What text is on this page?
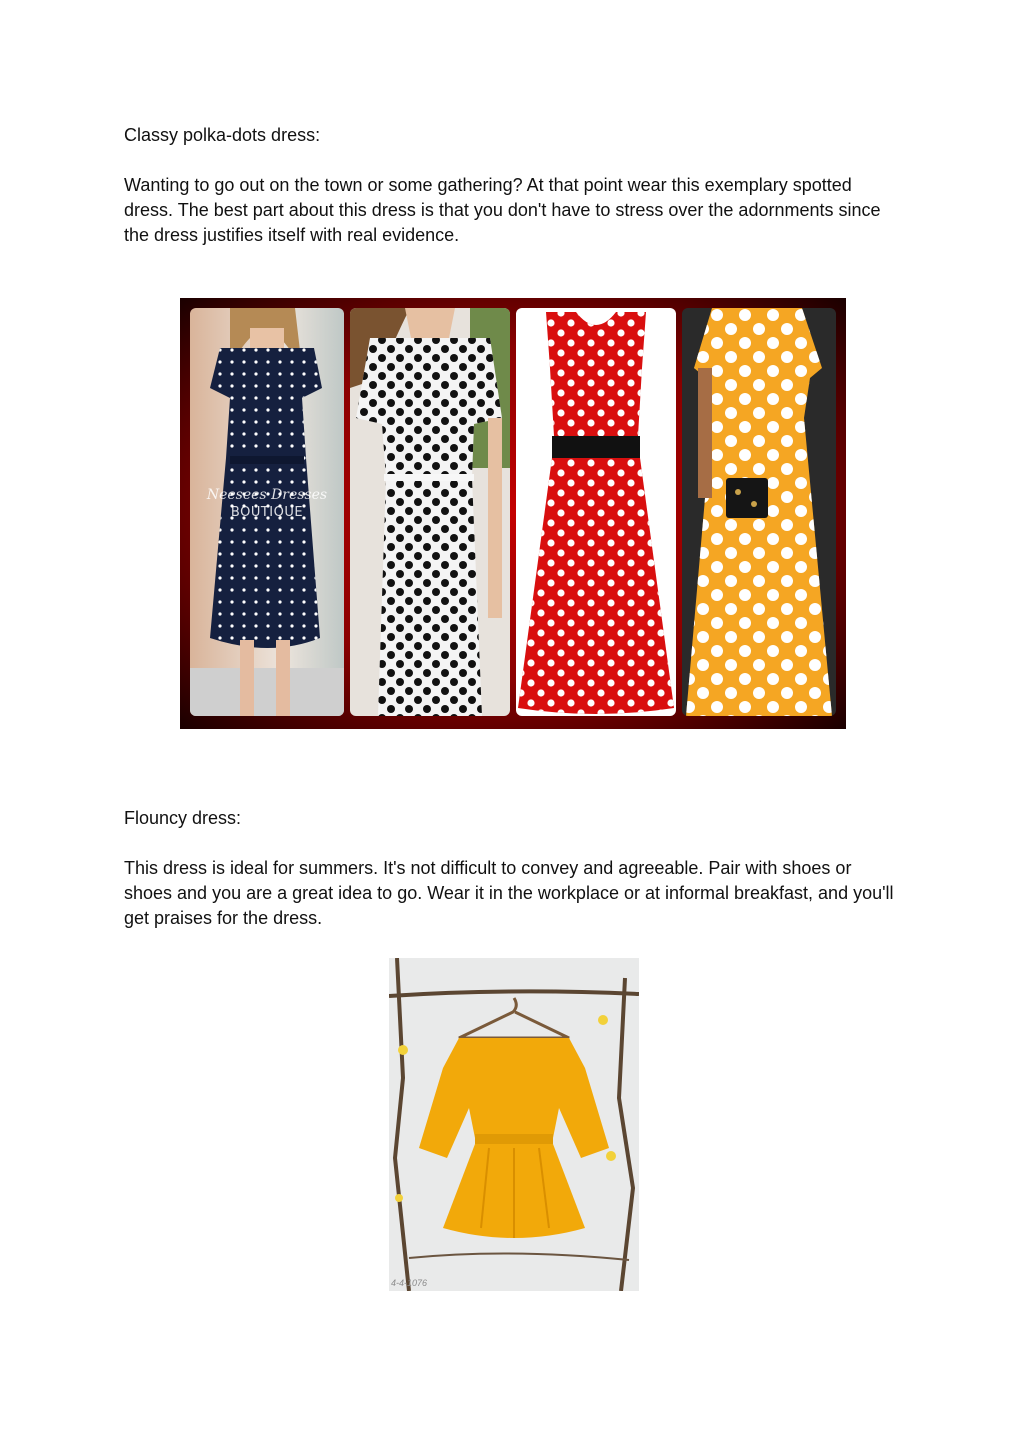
Classy polka-dots dress:

Wanting to go out on the town or some gathering? At that point wear this exemplary spotted dress. The best part about this dress is that you don't have to stress over the adornments since the dress justifies itself with real evidence.

Neesees Dresses
BOUTIQUE

Flouncy dress:

This dress is ideal for summers. It's not difficult to convey and agreeable. Pair with shoes or shoes and you are a great idea to go. Wear it in the workplace or at informal breakfast, and you'll get praises for the dress.

4-4-1076
